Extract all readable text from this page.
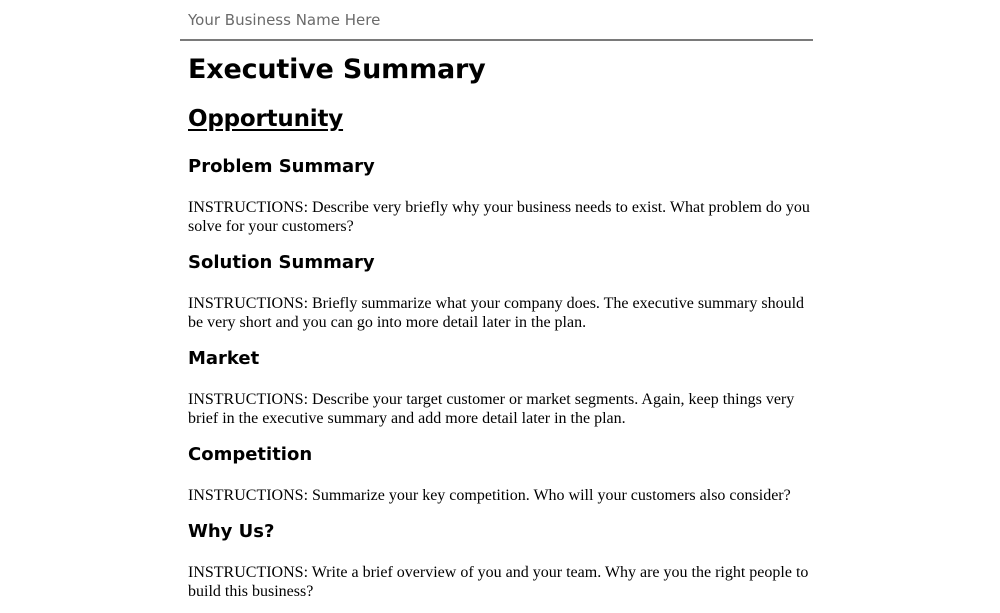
Your Business Name Here
Executive Summary
Opportunity
Problem Summary

INSTRUCTIONS: Describe very briefly why your business needs to exist. What problem do you solve for your customers?

Solution Summary

INSTRUCTIONS: Briefly summarize what your company does. The executive summary should be very short and you can go into more detail later in the plan.

Market

INSTRUCTIONS: Describe your target customer or market segments. Again, keep things very brief in the executive summary and add more detail later in the plan.

Competition

INSTRUCTIONS: Summarize your key competition. Who will your customers also consider?

Why Us?

INSTRUCTIONS: Write a brief overview of you and your team. Why are you the right people to build this business?
